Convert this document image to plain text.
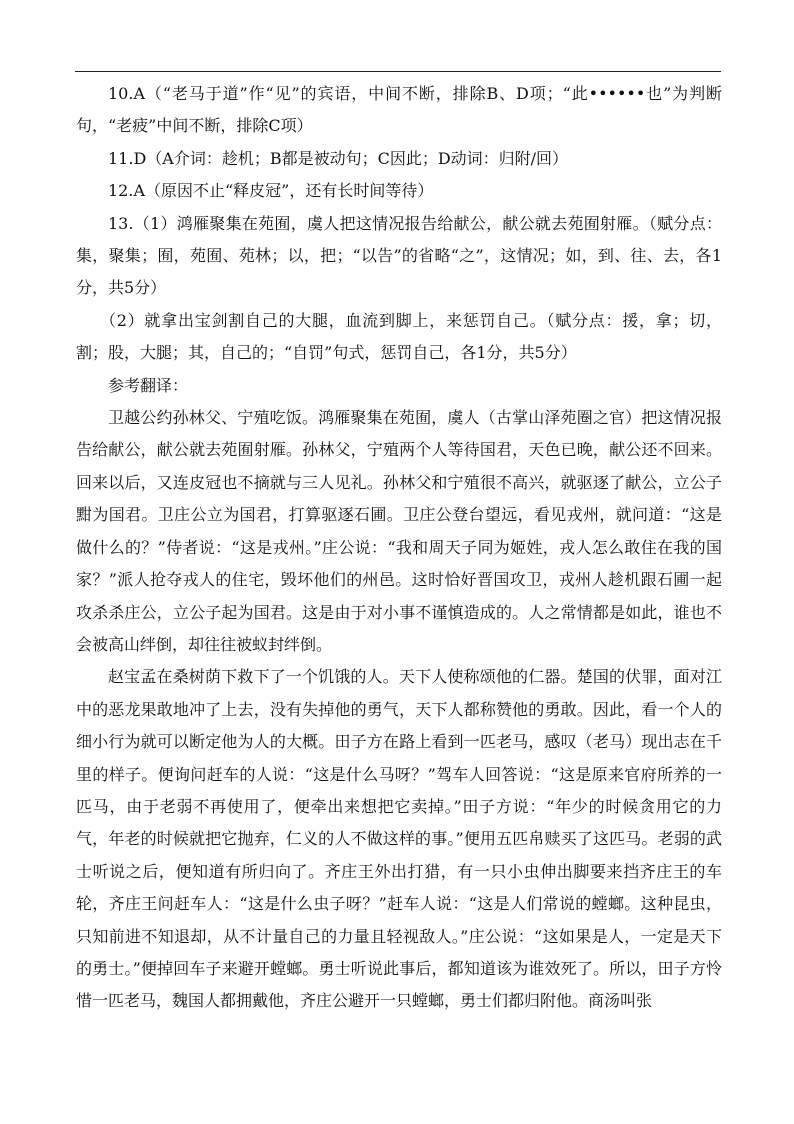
10.A（“老马于道”作“见”的宾语，中间不断，排除B、D项；“此••••••也”为判断句，“老疲”中间不断，排除C项）

11.D（A介词：趁机；B都是被动句；C因此；D动词：归附/回）

12.A（原因不止“释皮冠”，还有长时间等待）

13.（1）鸿雁聚集在苑囿，虞人把这情况报告给献公，献公就去苑囿射雁。（赋分点：集，聚集；囿，苑囿、苑林；以，把；“以告”的省略“之”，这情况；如，到、往、去，各1分，共5分）

（2）就拿出宝剑割自己的大腿，血流到脚上，来惩罚自己。（赋分点：援，拿；切，割；股，大腿；其，自己的；“自罚”句式，惩罚自己，各1分，共5分）

参考翻译：

卫越公约孙林父、宁殖吃饭。鸿雁聚集在苑囿，虞人（古掌山泽苑圈之官）把这情况报告给献公，献公就去苑囿射雁。孙林父，宁殖两个人等待国君，天色已晚，献公还不回来。回来以后，又连皮冠也不摘就与三人见礼。孙林父和宁殖很不高兴，就驱逐了献公，立公子黚为国君。卫庄公立为国君，打算驱逐石圃。卫庄公登台望远，看见戎州，就问道：“这是做什么的？”侍者说：“这是戎州。”庄公说：“我和周天子同为姬姓，戎人怎么敢住在我的国家？”派人抢夺戎人的住宅，毁坏他们的州邑。这时恰好晋国攻卫，戎州人趁机跟石圃一起攻杀杀庄公，立公子起为国君。这是由于对小事不谨慎造成的。人之常情都是如此，谁也不会被高山绊倒，却往往被蚁封绊倒。

赵宝孟在桑树荫下救下了一个饥饿的人。天下人使称颂他的仁器。楚国的伏罪，面对江中的恶龙果敢地冲了上去，没有失掉他的勇气，天下人都称赞他的勇敢。因此，看一个人的细小行为就可以断定他为人的大概。田子方在路上看到一匹老马，感叹（老马）现出志在千里的样子。便询问赶车的人说：“这是什么马呀？”驾车人回答说：“这是原来官府所养的一匹马，由于老弱不再使用了，便牵出来想把它卖掉。”田子方说：“年少的时候贪用它的力气，年老的时候就把它抛弃，仁义的人不做这样的事。”便用五匹帛赎买了这匹马。老弱的武士听说之后，便知道有所归向了。齐庄王外出打猎，有一只小虫伸出脚要来挡齐庄王的车轮，齐庄王问赶车人：“这是什么虫子呀？”赶车人说：“这是人们常说的螳螂。这种昆虫，只知前进不知退却，从不计量自己的力量且轻视敌人。”庄公说：“这如果是人，一定是天下的勇士。”便掉回车子来避开螳螂。勇士听说此事后，都知道该为谁效死了。所以，田子方怜惜一匹老马，魏国人都拥戴他，齐庄公避开一只螳螂，勇士们都归附他。商汤叫张
